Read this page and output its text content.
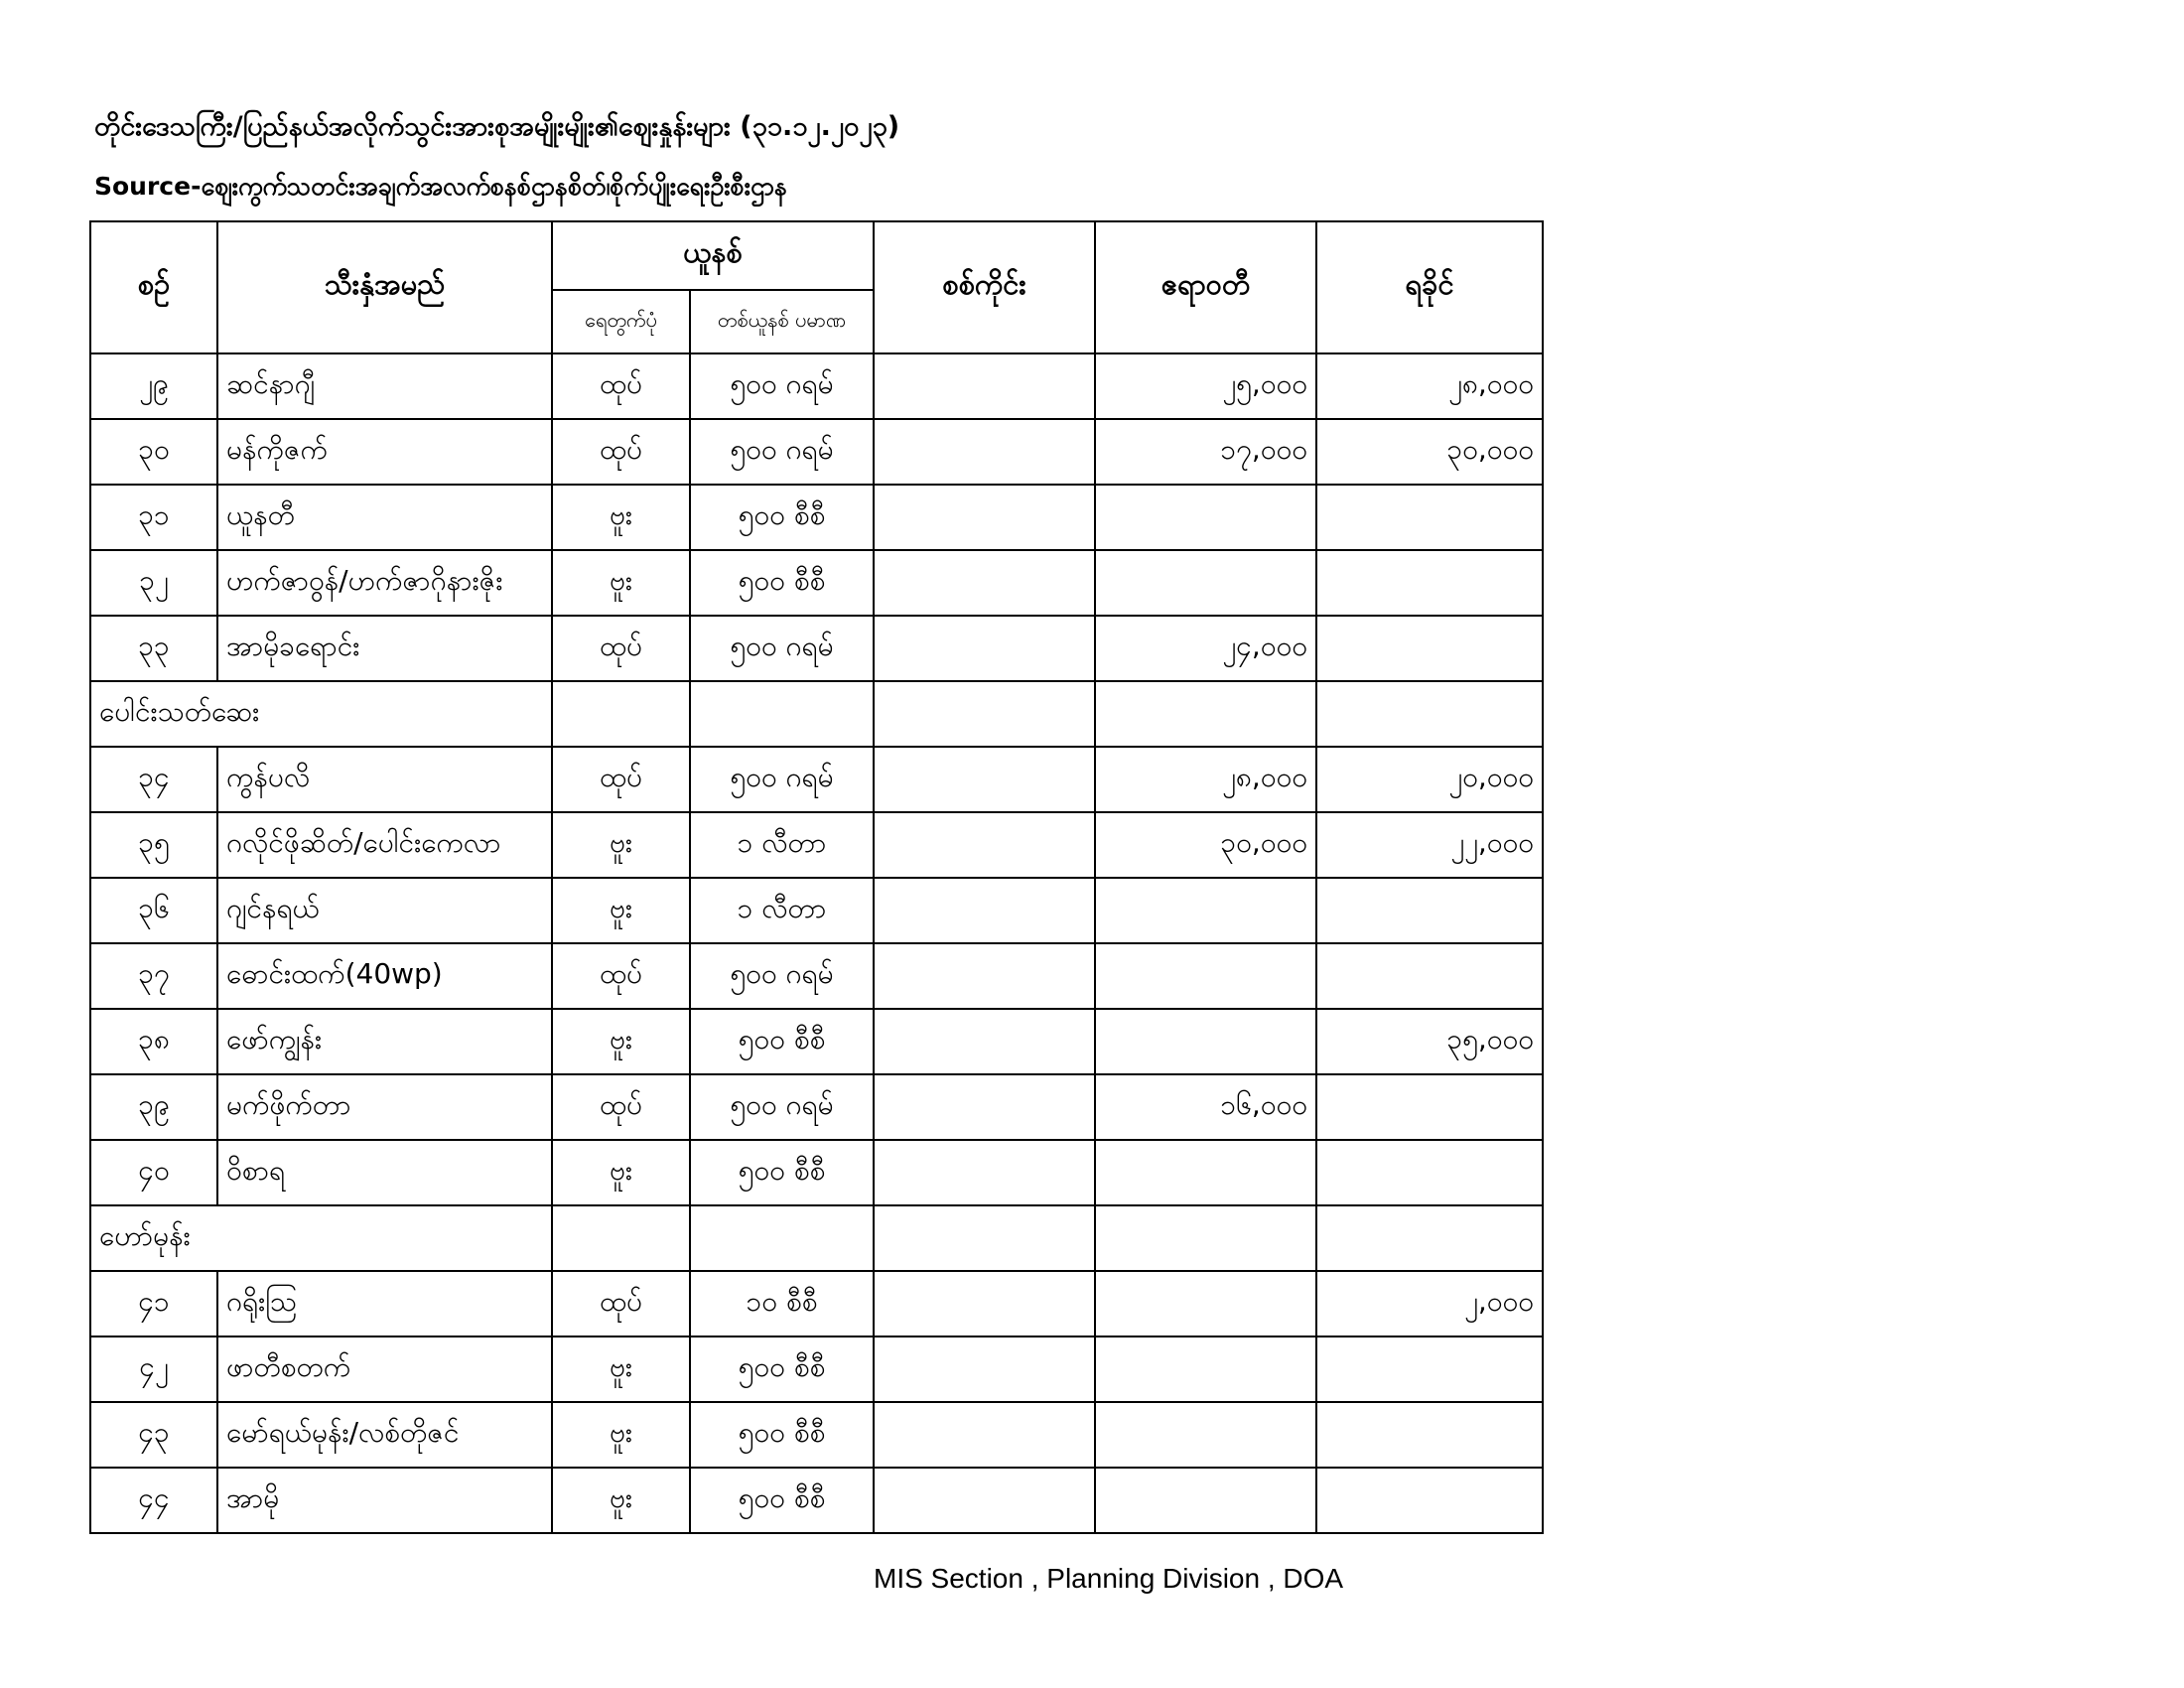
တိုင်းဒေသကြီး/ပြည်နယ်အလိုက်သွင်းအားစုအမျိုးမျိုး၏ဈေးနှုန်းများ (၃၁.၁၂.၂၀၂၃)
Source-ဈေးကွက်သတင်းအချက်အလက်စနစ်ဌာနစိတ်၊စိုက်ပျိုးရေးဦးစီးဌာန
စဉ်	သီးနှံအမည်	ယူနစ်		စစ်ကိုင်း	ဧရာဝတီ	ရခိုင်
		ရေတွက်ပုံ	တစ်ယူနစ် ပမာဏ			
၂၉	ဆင်နာဂျီ	ထုပ်	၅၀၀ ဂရမ်		၂၅,၀၀၀	၂၈,၀၀၀
၃၀	မန်ကိုဇက်	ထုပ်	၅၀၀ ဂရမ်		၁၇,၀၀၀	၃၀,၀၀၀
၃၁	ယူနတီ	ဗူး	၅၀၀ စီစီ			
၃၂	ဟက်ဇာဝွန်/ဟက်ဇာဂိုနားဇိုး	ဗူး	၅၀၀ စီစီ			
၃၃	အာမိုခရောင်း	ထုပ်	၅၀၀ ဂရမ်		၂၄,၀၀၀	
ပေါင်းသတ်ဆေး						
၃၄	ကွန်ပလိ	ထုပ်	၅၀၀ ဂရမ်		၂၈,၀၀၀	၂၀,၀၀၀
၃၅	ဂလိုင်ဖိုဆိတ်/ပေါင်းကေလာ	ဗူး	၁ လီတာ		၃၀,၀၀၀	၂၂,၀၀၀
၃၆	ဂျင်နရယ်	ဗူး	၁ လီတာ			
၃၇	ဓောင်းထက်(40wp)	ထုပ်	၅၀၀ ဂရမ်			
၃၈	ဖော်ကျွန်း	ဗူး	၅၀၀ စီစီ			၃၅,၀၀၀
၃၉	မက်ဖိုက်တာ	ထုပ်	၅၀၀ ဂရမ်		၁၆,၀၀၀	
၄၀	ဝိစာရ	ဗူး	၅၀၀ စီစီ			
ဟော်မုန်း						
၄၁	ဂရိုးသြ	ထုပ်	၁၀ စီစီ			၂,၀၀၀
၄၂	ဖာတီစတက်	ဗူး	၅၀၀ စီစီ			
၄၃	မော်ရယ်မုန်း/လစ်တိုဇင်	ဗူး	၅၀၀ စီစီ			
၄၄	အာမို	ဗူး	၅၀၀ စီစီ			
MIS Section , Planning Division , DOA
